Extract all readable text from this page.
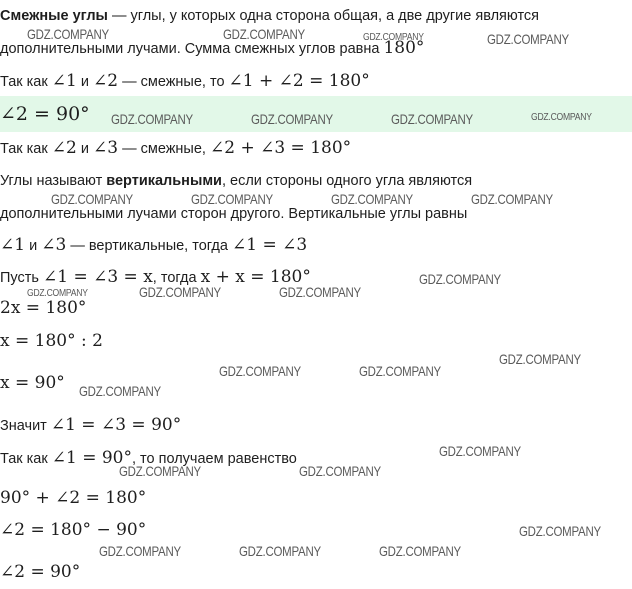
Смежные углы — углы, у которых одна сторона общая, а две другие являются
дополнительными лучами. Сумма смежных углов равна 180°
Так как ∠1 и ∠2 — смежные, то ∠1 + ∠2 = 180°
∠2 = 90°
Так как ∠2 и ∠3 — смежные, ∠2 + ∠3 = 180°
Углы называют вертикальными, если стороны одного угла являются
дополнительными лучами сторон другого. Вертикальные углы равны
∠1 и ∠3 — вертикальные, тогда ∠1 = ∠3
Пусть ∠1 = ∠3 = x, тогда x + x = 180°
2x = 180°
x = 180° : 2
x = 90°
Значит ∠1 = ∠3 = 90°
Так как ∠1 = 90°, то получаем равенство
90° + ∠2 = 180°
∠2 = 180° − 90°
∠2 = 90°
GDZ.COMPANY	GDZ.COMPANY	GDZ.COMPANY	GDZ.COMPANY
GDZ.COMPANY	GDZ.COMPANY	GDZ.COMPANY	GDZ.COMPANY
GDZ.COMPANY	GDZ.COMPANY	GDZ.COMPANY	GDZ.COMPANY
GDZ.COMPANY
GDZ.COMPANY	GDZ.COMPANY	GDZ.COMPANY
GDZ.COMPANY
GDZ.COMPANY	GDZ.COMPANY
GDZ.COMPANY
GDZ.COMPANY
GDZ.COMPANY	GDZ.COMPANY
GDZ.COMPANY
GDZ.COMPANY	GDZ.COMPANY	GDZ.COMPANY
